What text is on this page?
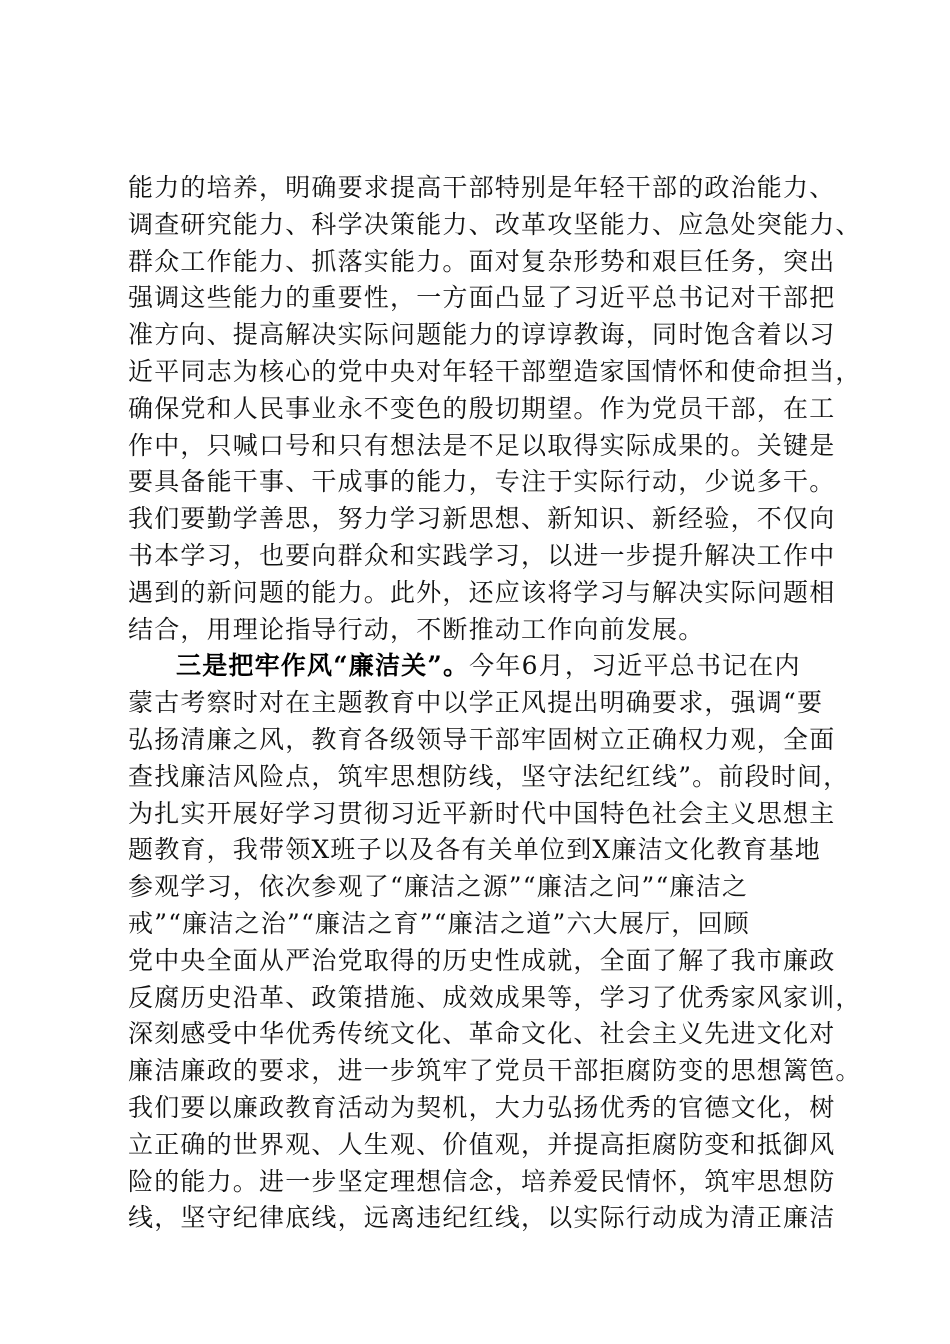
能力的培养，明确要求提高干部特别是年轻干部的政治能力、
调查研究能力、科学决策能力、改革攻坚能力、应急处突能力、
群众工作能力、抓落实能力。面对复杂形势和艰巨任务，突出
强调这些能力的重要性，一方面凸显了习近平总书记对干部把
准方向、提高解决实际问题能力的谆谆教诲，同时饱含着以习
近平同志为核心的党中央对年轻干部塑造家国情怀和使命担当，
确保党和人民事业永不变色的殷切期望。作为党员干部，在工
作中，只喊口号和只有想法是不足以取得实际成果的。关键是
要具备能干事、干成事的能力，专注于实际行动，少说多干。
我们要勤学善思，努力学习新思想、新知识、新经验，不仅向
书本学习，也要向群众和实践学习，以进一步提升解决工作中
遇到的新问题的能力。此外，还应该将学习与解决实际问题相
结合，用理论指导行动，不断推动工作向前发展。
三是把牢作风“廉洁关”。今年6月，习近平总书记在内
蒙古考察时对在主题教育中以学正风提出明确要求，强调“要
弘扬清廉之风，教育各级领导干部牢固树立正确权力观，全面
查找廉洁风险点，筑牢思想防线，坚守法纪红线”。前段时间，
为扎实开展好学习贯彻习近平新时代中国特色社会主义思想主
题教育，我带领X班子以及各有关单位到X廉洁文化教育基地
参观学习，依次参观了“廉洁之源”“廉洁之问”“廉洁之
戒”“廉洁之治”“廉洁之育”“廉洁之道”六大展厅，回顾
党中央全面从严治党取得的历史性成就，全面了解了我市廉政
反腐历史沿革、政策措施、成效成果等，学习了优秀家风家训，
深刻感受中华优秀传统文化、革命文化、社会主义先进文化对
廉洁廉政的要求，进一步筑牢了党员干部拒腐防变的思想篱笆。
我们要以廉政教育活动为契机，大力弘扬优秀的官德文化，树
立正确的世界观、人生观、价值观，并提高拒腐防变和抵御风
险的能力。进一步坚定理想信念，培养爱民情怀，筑牢思想防
线，坚守纪律底线，远离违纪红线，以实际行动成为清正廉洁
